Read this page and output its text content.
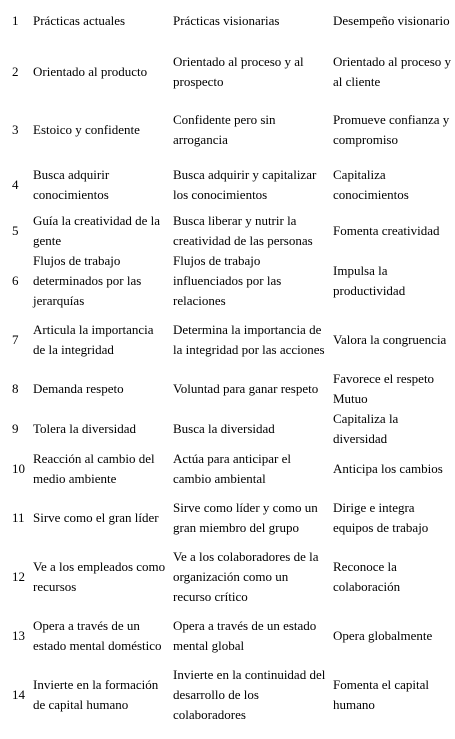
1	Prácticas actuales	Prácticas visionarias	Desempeño visionario
2	Orientado al producto	Orientado al proceso y al prospecto	Orientado al proceso y al cliente
3	Estoico y confidente	Confidente pero sin arrogancia	Promueve confianza y compromiso
4	Busca adquirir conocimientos	Busca adquirir y capitalizar los conocimientos	Capitaliza conocimientos
5	Guía la creatividad de la gente	Busca liberar y nutrir la creatividad de las personas	Fomenta creatividad
6	Flujos de trabajo determinados por las jerarquías	Flujos de trabajo influenciados por las relaciones	Impulsa la productividad
7	Articula la importancia de la integridad	Determina la importancia de la integridad por las acciones	Valora la congruencia
8	Demanda respeto	Voluntad para ganar respeto	Favorece el respeto Mutuo
9	Tolera la diversidad	Busca la diversidad	Capitaliza la diversidad
10	Reacción al cambio del medio ambiente	Actúa para anticipar el cambio ambiental	Anticipa los cambios
11	Sirve como el gran líder	Sirve como líder y como un gran miembro del grupo	Dirige e integra equipos de trabajo
12	Ve a los empleados como recursos	Ve a los colaboradores de la organización como un recurso crítico	Reconoce la colaboración
13	Opera a través de un estado mental doméstico	Opera a través de un estado mental global	Opera globalmente
14	Invierte en la formación de capital humano	Invierte en la continuidad del desarrollo de los colaboradores	Fomenta el capital humano
